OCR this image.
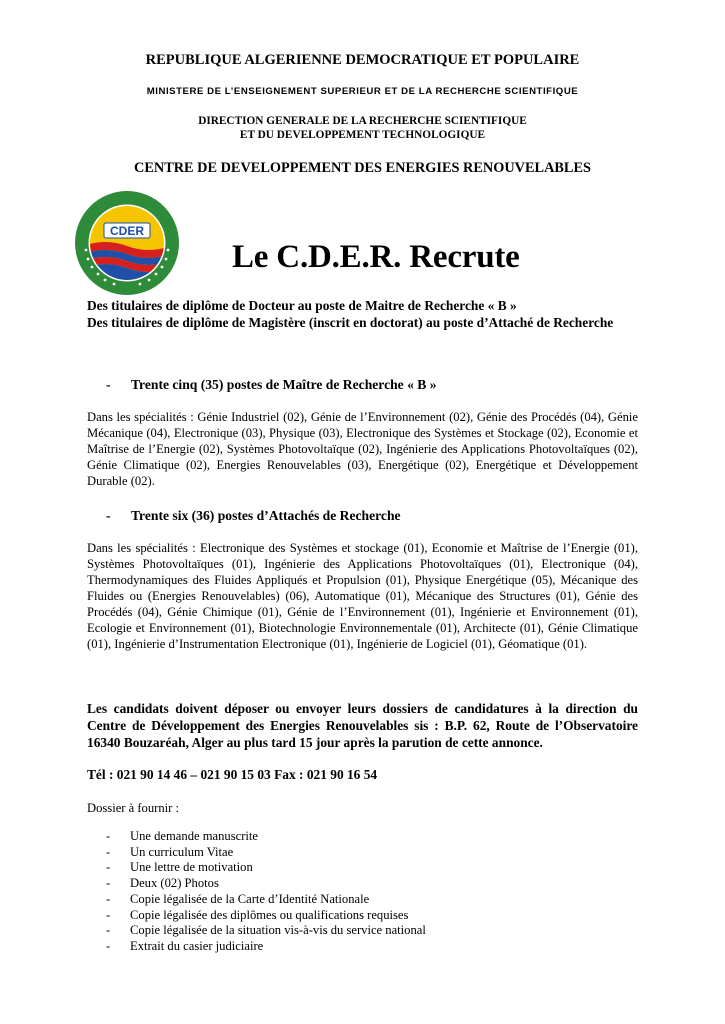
REPUBLIQUE ALGERIENNE DEMOCRATIQUE ET POPULAIRE
MINISTERE DE L’ENSEIGNEMENT SUPERIEUR ET DE LA RECHERCHE SCIENTIFIQUE
DIRECTION GENERALE DE LA RECHERCHE SCIENTIFIQUE
ET DU DEVELOPPEMENT TECHNOLOGIQUE
CENTRE DE DEVELOPPEMENT DES ENERGIES RENOUVELABLES
CDER
Le C.D.E.R. Recrute

Des titulaires de diplôme de Docteur au poste de Maitre de Recherche « B »

Des titulaires de diplôme de Magistère (inscrit en doctorat) au poste d’Attaché de Recherche

- Trente cinq (35) postes de Maître de Recherche « B »
Dans les spécialités : Génie Industriel (02), Génie de l’Environnement (02), Génie des Procédés (04), Génie Mécanique (04), Electronique (03), Physique (03), Electronique des Systèmes et Stockage (02), Economie et Maîtrise de l’Energie (02), Systèmes Photovoltaïque (02), Ingénierie des Applications Photovoltaïques (02), Génie Climatique (02), Energies Renouvelables (03), Energétique (02), Energétique et Développement Durable (02).
- Trente six (36) postes d’Attachés de Recherche
Dans les spécialités : Electronique des Systèmes et stockage (01), Economie et Maîtrise de l’Energie (01), Systèmes Photovoltaïques (01), Ingénierie des Applications Photovoltaïques (01), Electronique (04), Thermodynamiques des Fluides Appliqués et Propulsion (01), Physique Energétique (05), Mécanique des Fluides ou (Energies Renouvelables) (06), Automatique (01), Mécanique des Structures (01), Génie des Procédés (04), Génie Chimique (01), Génie de l’Environnement (01), Ingénierie et Environnement (01), Ecologie et Environnement (01), Biotechnologie Environnementale (01), Architecte (01), Génie Climatique (01), Ingénierie d’Instrumentation Electronique (01), Ingénierie de Logiciel (01), Géomatique (01).

Les candidats doivent déposer ou envoyer leurs dossiers de candidatures à la direction du Centre de Développement des Energies Renouvelables sis : B.P. 62, Route de l’Observatoire 16340 Bouzaréah, Alger au plus tard 15 jour après la parution de cette annonce.

Tél : 021 90 14 46 – 021 90 15 03 Fax : 021 90 16 54
Dossier à fournir :
- Une demande manuscrite
- Un curriculum Vitae
- Une lettre de motivation
- Deux (02) Photos
- Copie légalisée de la Carte d’Identité Nationale
- Copie légalisée des diplômes ou qualifications requises
- Copie légalisée de la situation vis-à-vis du service national
- Extrait du casier judiciaire
